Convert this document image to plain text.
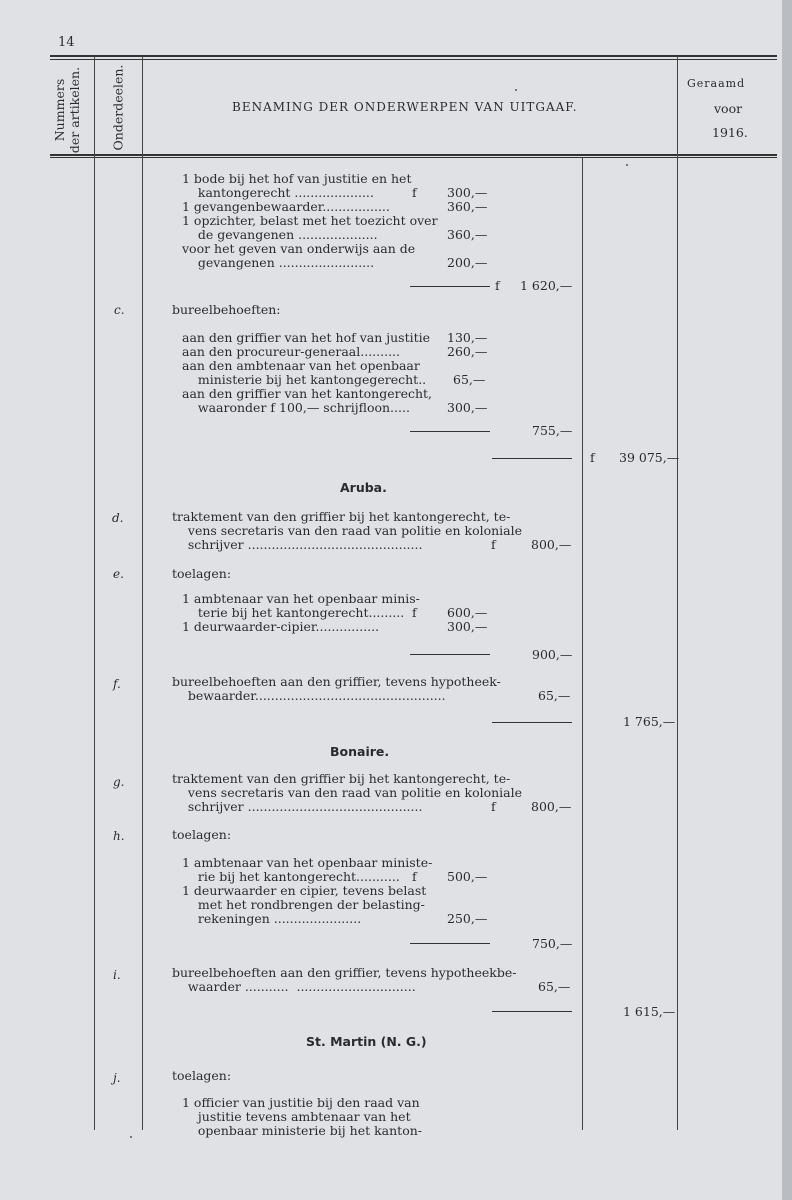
14
Nummers
der artikelen. Onderdeelen.	BENAMING DER ONDERWERPEN VAN UITGAAF.
Geraamd
voor
1916.
1 bode bij het hof van justitie en het
kantongerecht ....................	f 300,—
1 gevangenbewaarder.................	360,—
1 opzichter, belast met het toezicht over
de gevangenen ....................	360,—
voor het geven van onderwijs aan de
gevangenen ........................	200,—
f 1 620,—
c.	bureelbehoeften:
aan den griffier van het hof van justitie 130,—
aan den procureur-generaal..........	260,—
aan den ambtenaar van het openbaar
ministerie bij het kantongegerecht.. 65,—
aan den griffier van het kantongerecht,
waaronder f 100,— schrijfloon.....	300,—
755,—
f 39 075,—
Aruba.
d.	traktement van den griffier bij het kantongerecht, te-
vens secretaris van den raad van politie en koloniale
schrijver ............................................	f	800,—
e.	toelagen:
1 ambtenaar van het openbaar minis-
terie bij het kantongerecht......... f 600,—
1 deurwaarder-cipier................	300,—
900,—
f.	bureelbehoeften aan den griffier, tevens hypotheek-
bewaarder................................................	65,—
1 765,—
Bonaire.
g.	traktement van den griffier bij het kantongerecht, te-
vens secretaris van den raad van politie en koloniale
schrijver ............................................	f	800,—
h.	toelagen:
1 ambtenaar van het openbaar ministe-
rie bij het kantongerecht........... f 500,—
1 deurwaarder en cipier, tevens belast
met het rondbrengen der belasting-
rekeningen ......................	250,—
750,—
i.	bureelbehoeften aan den griffier, tevens hypotheekbe-
waarder ...........  ..............................	65,—
1 615,—
St. Martin (N. G.)
j.	toelagen:
1 officier van justitie bij den raad van
justitie tevens ambtenaar van het
openbaar ministerie bij het kanton-
